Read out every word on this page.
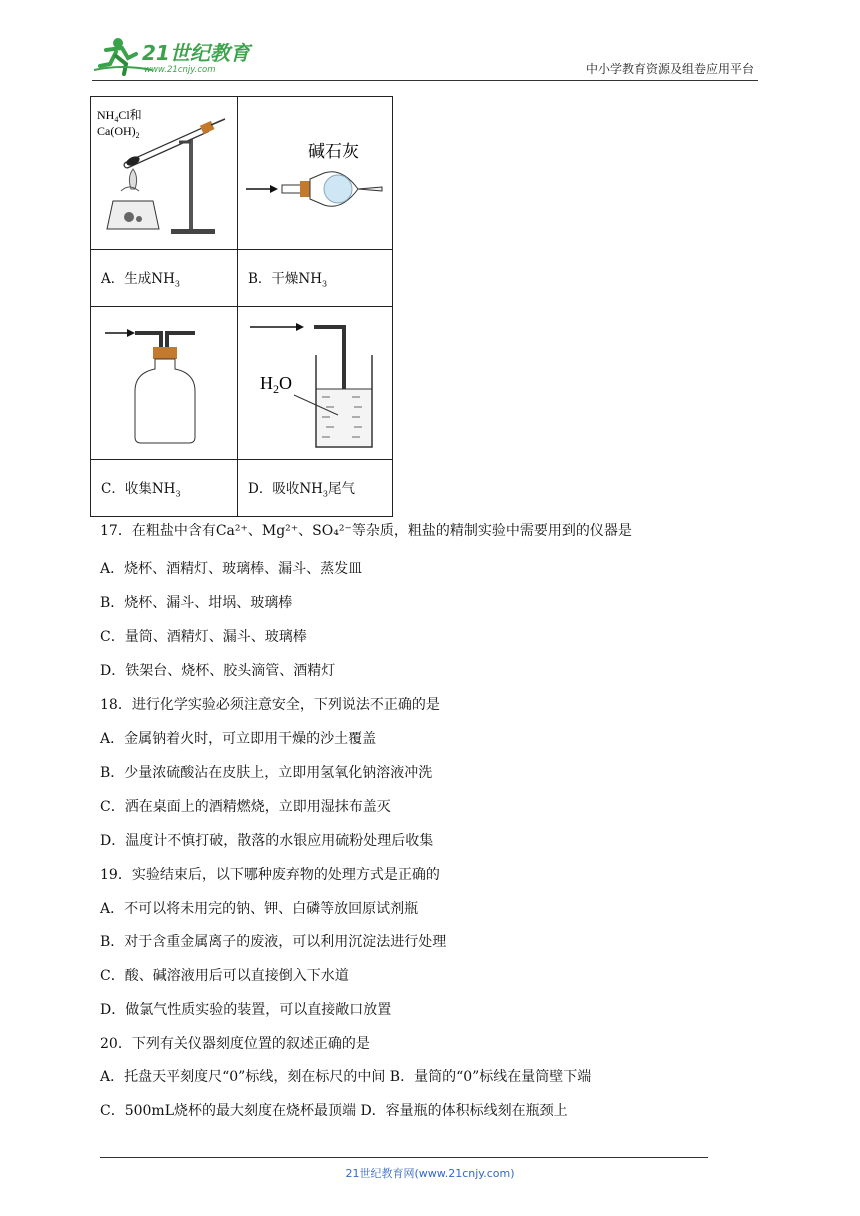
21世纪教育
www.21cnjy.com	中小学教育资源及组卷应用平台
$NH_4Cl$和
$Ca(OH)_2$	碱石灰

A．生成$NH_3$	B．干燥$NH_3$

$H_2O$

C．收集$NH_3$	D．吸收$NH_3$尾气
17．在粗盐中含有Ca²⁺、Mg²⁺、SO₄²⁻等杂质，粗盐的精制实验中需要用到的仪器是
A．烧杯、酒精灯、玻璃棒、漏斗、蒸发皿
B．烧杯、漏斗、坩埚、玻璃棒
C．量筒、酒精灯、漏斗、玻璃棒
D．铁架台、烧杯、胶头滴管、酒精灯
18．进行化学实验必须注意安全，下列说法不正确的是
A．金属钠着火时，可立即用干燥的沙土覆盖
B．少量浓硫酸沾在皮肤上，立即用氢氧化钠溶液冲洗
C．洒在桌面上的酒精燃烧，立即用湿抹布盖灭
D．温度计不慎打破，散落的水银应用硫粉处理后收集
19．实验结束后，以下哪种废弃物的处理方式是正确的
A．不可以将未用完的钠、钾、白磷等放回原试剂瓶
B．对于含重金属离子的废液，可以利用沉淀法进行处理
C．酸、碱溶液用后可以直接倒入下水道
D．做氯气性质实验的装置，可以直接敞口放置
20．下列有关仪器刻度位置的叙述正确的是
A．托盘天平刻度尺“0”标线，刻在标尺的中间 B．量筒的“0”标线在量筒壁下端
C．500mL烧杯的最大刻度在烧杯最顶端 D．容量瓶的体积标线刻在瓶颈上
21世纪教育网(www.21cnjy.com)
